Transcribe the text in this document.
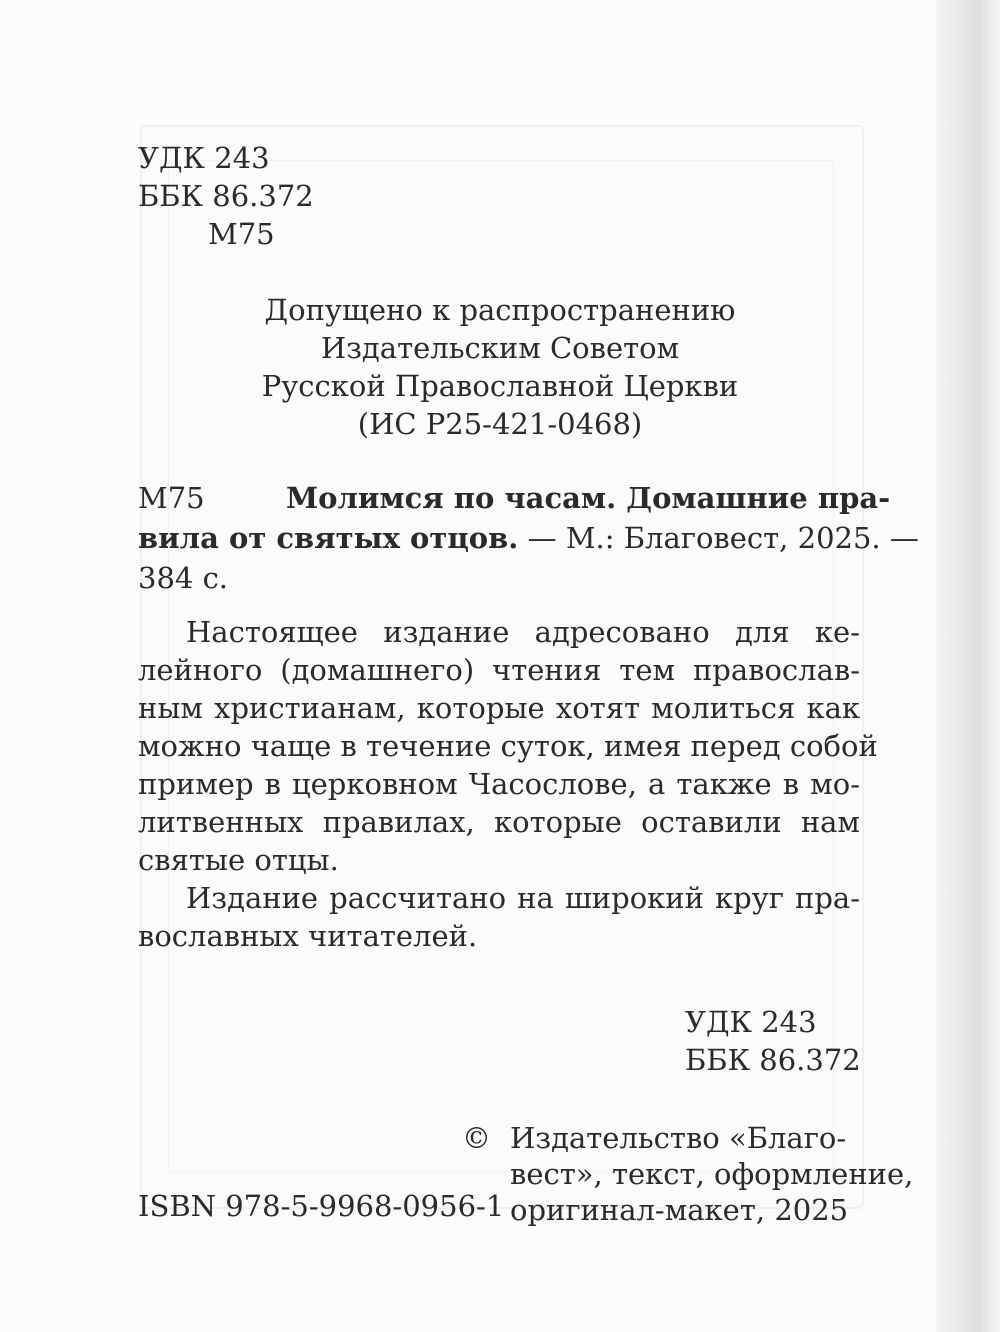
УДК 243
ББК 86.372
М75
Допущено к распространению
Издательским Советом
Русской Православной Церкви
(ИС Р25-421-0468)
М75	Молимся по часам. Домашние пра-
вила от святых отцов. — М.: Благовест, 2025. —
384 с.
Настоящее издание адресовано для ке-
лейного (домашнего) чтения тем православ-
ным христианам, которые хотят молиться как
можно чаще в течение суток, имея перед собой
пример в церковном Часослове, а также в мо-
литвенных правилах, которые оставили нам
святые отцы.
Издание рассчитано на широкий круг пра-
вославных читателей.
УДК 243
ББК 86.372
© Издательство «Благо-
вест», текст, оформление,
оригинал-макет, 2025
ISBN 978-5-9968-0956-1
